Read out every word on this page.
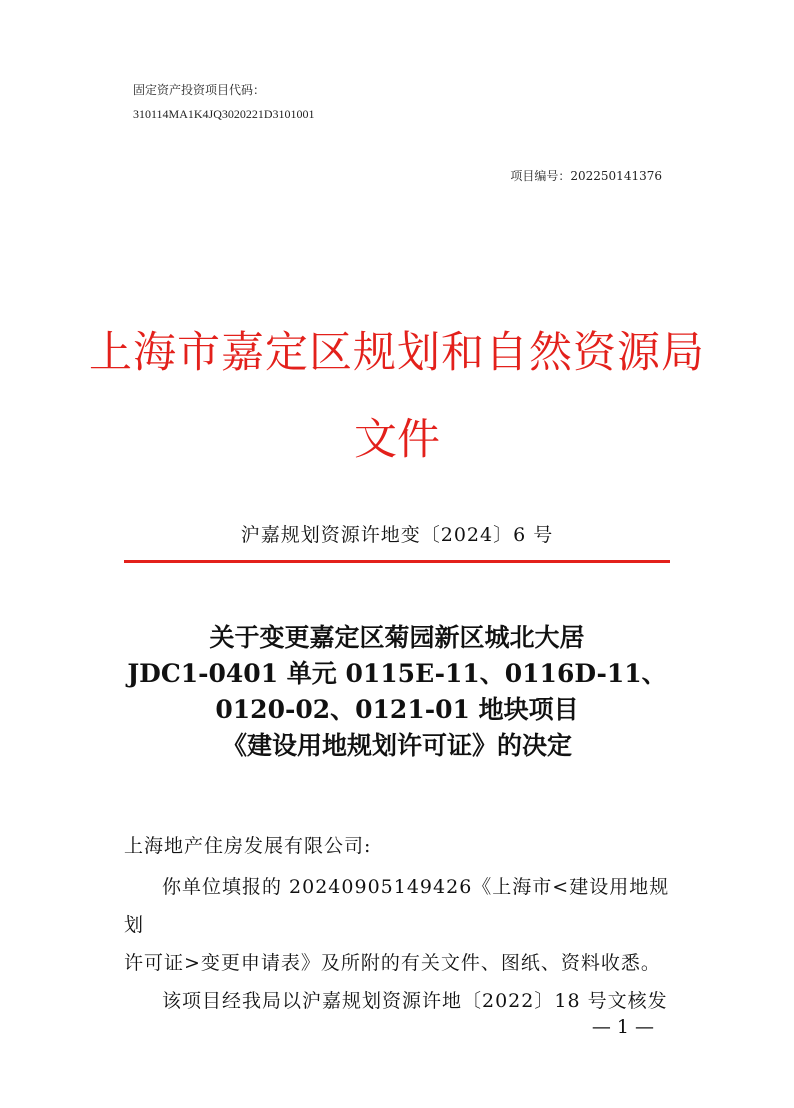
固定资产投资项目代码：
310114MA1K4JQ3020221D3101001
项目编号：202250141376
上海市嘉定区规划和自然资源局
文件
沪嘉规划资源许地变〔2024〕6 号
关于变更嘉定区菊园新区城北大居
JDC1-0401 单元 0115E-11、0116D-11、
0120-02、0121-01 地块项目
《建设用地规划许可证》的决定
上海地产住房发展有限公司:

你单位填报的 20240905149426《上海市<建设用地规划

许可证>变更申请表》及所附的有关文件、图纸、资料收悉。

该项目经我局以沪嘉规划资源许地〔2022〕18 号文核发

— 1 —
